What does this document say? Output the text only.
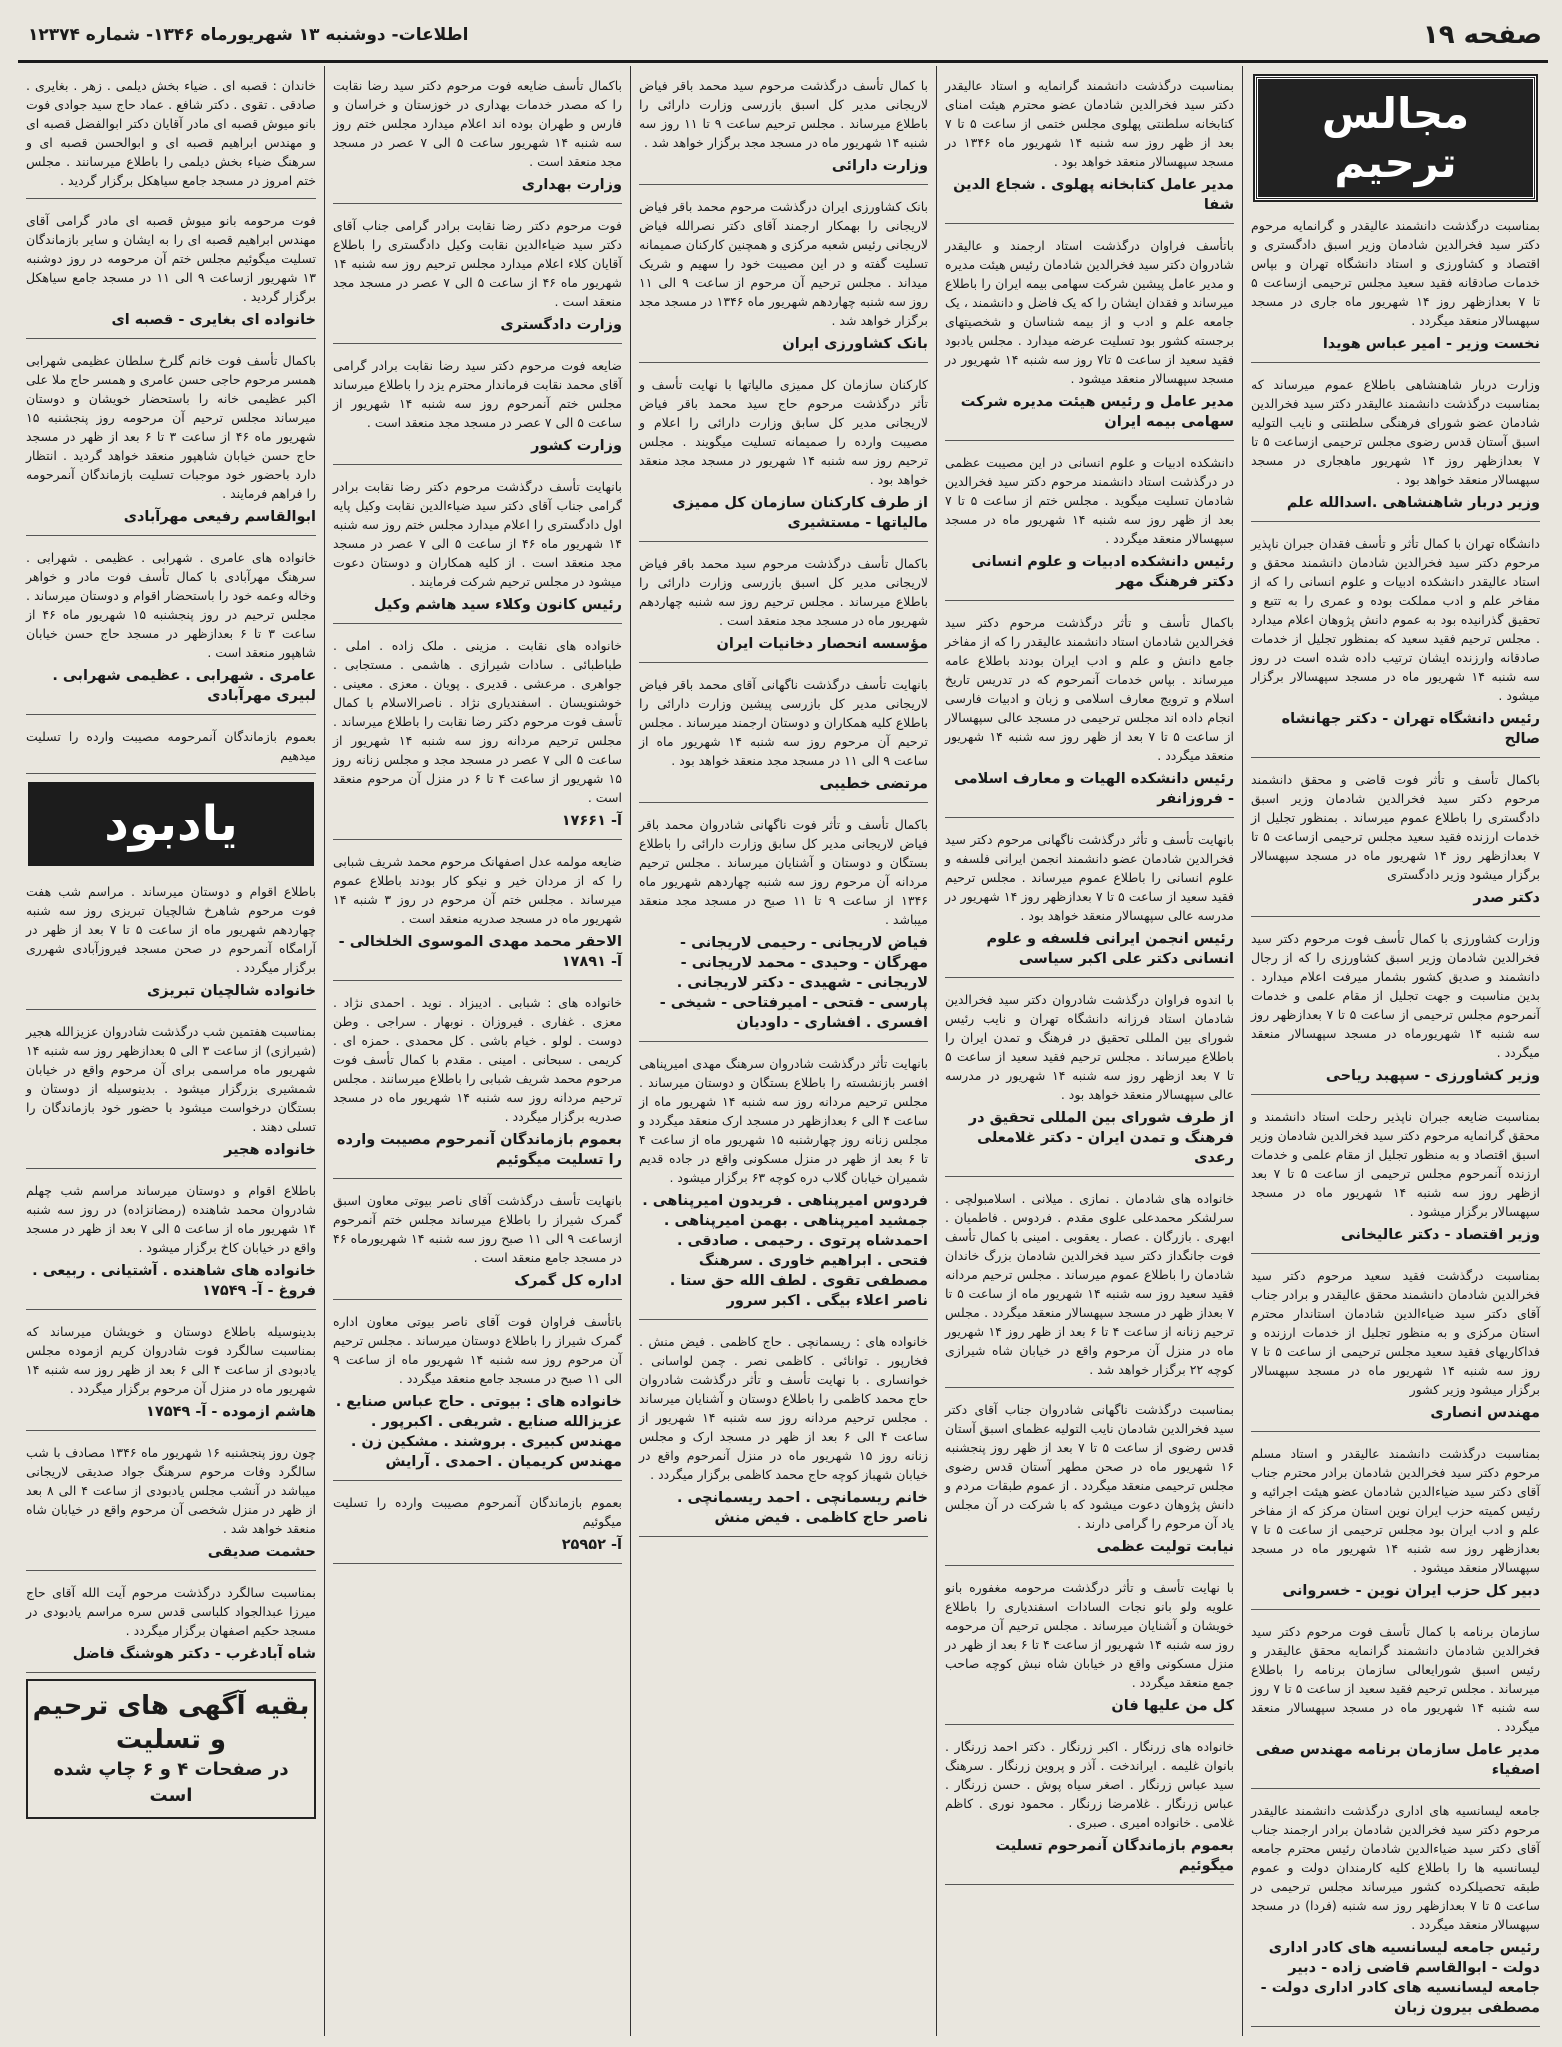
صفحه ۱۹
اطلاعات- دوشنبه ۱۳ شهریورماه ۱۳۴۶- شماره ۱۲۳۷۴
مجالس ترحیم

بمناسبت درگذشت دانشمند عالیقدر و گرانمایه مرحوم دکتر سید فخرالدین شادمان وزیر اسبق دادگستری و اقتصاد و کشاورزی و استاد دانشگاه تهران و بپاس خدمات صادقانه فقید سعید مجلس ترحیمی ازساعت ۵ تا ۷ بعدازظهر روز ۱۴ شهریور ماه جاری در مسجد سپهسالار منعقد میگردد .

نخست وزیر - امیر عباس هویدا

وزارت دربار شاهنشاهی باطلاع عموم میرساند که بمناسبت درگذشت دانشمند عالیقدر دکتر سید فخرالدین شادمان عضو شورای فرهنگی سلطنتی و نایب التولیه اسبق آستان قدس رضوی مجلس ترحیمی ازساعت ۵ تا ۷ بعدازظهر روز ۱۴ شهریور ماهجاری در مسجد سپهسالار منعقد خواهد بود .

وزیر دربار شاهنشاهی .اسدالله علم

دانشگاه تهران با کمال تأثر و تأسف فقدان جبران ناپذیر مرحوم دکتر سید فخرالدین شادمان دانشمند محقق و استاد عالیقدر دانشکده ادبیات و علوم انسانی را که از مفاخر علم و ادب مملکت بوده و عمری را به تتبع و تحقیق گذرانیده بود به عموم دانش پژوهان اعلام میدارد . مجلس ترحیم فقید سعید که بمنظور تجلیل از خدمات صادقانه وارزنده ایشان ترتیب داده شده است در روز سه شنبه ۱۴ شهریور ماه در مسجد سپهسالار برگزار میشود .

رئیس دانشگاه تهران - دکتر جهانشاه صالح

باکمال تأسف و تأثر فوت قاضی و محقق دانشمند مرحوم دکتر سید فخرالدین شادمان وزیر اسبق دادگستری را باطلاع عموم میرساند . بمنظور تجلیل از خدمات ارزنده فقید سعید مجلس ترحیمی ازساعت ۵ تا ۷ بعدازظهر روز ۱۴ شهریور ماه در مسجد سپهسالار برگزار میشود وزیر دادگستری

دکتر صدر

وزارت کشاورزی با کمال تأسف فوت مرحوم دکتر سید فخرالدین شادمان وزیر اسبق کشاورزی را که از رجال دانشمند و صدیق کشور بشمار میرفت اعلام میدارد . بدین مناسبت و جهت تجلیل از مقام علمی و خدمات آنمرحوم مجلس ترحیمی از ساعت ۵ تا ۷ بعدازظهر روز سه شنبه ۱۴ شهریورماه در مسجد سپهسالار منعقد میگردد .

وزیر کشاورزی - سپهبد ریاحی

بمناسبت ضایعه جبران ناپذیر رحلت استاد دانشمند و محقق گرانمایه مرحوم دکتر سید فخرالدین شادمان وزیر اسبق اقتصاد و به منظور تجلیل از مقام علمی و خدمات ارزنده آنمرحوم مجلس ترحیمی از ساعت ۵ تا ۷ بعد ازظهر روز سه شنبه ۱۴ شهریور ماه در مسجد سپهسالار برگزار میشود .

وزیر اقتصاد - دکتر عالیخانی

بمناسبت درگذشت فقید سعید مرحوم دکتر سید فخرالدین شادمان دانشمند محقق عالیقدر و برادر جناب آقای دکتر سید ضیاءالدین شادمان استاندار محترم استان مرکزی و به منظور تجلیل از خدمات ارزنده و فداکاریهای فقید سعید مجلس ترحیمی از ساعت ۵ تا ۷ روز سه شنبه ۱۴ شهریور ماه در مسجد سپهسالار برگزار میشود وزیر کشور

مهندس انصاری

بمناسبت درگذشت دانشمند عالیقدر و استاد مسلم مرحوم دکتر سید فخرالدین شادمان برادر محترم جناب آقای دکتر سید ضیاءالدین شادمان عضو هیئت اجرائیه و رئیس کمیته حزب ایران نوین استان مرکز که از مفاخر علم و ادب ایران بود مجلس ترحیمی از ساعت ۵ تا ۷ بعدازظهر روز سه شنبه ۱۴ شهریور ماه در مسجد سپهسالار منعقد میشود .

دبیر کل حزب ایران نوین - خسروانی

سازمان برنامه با کمال تأسف فوت مرحوم دکتر سید فخرالدین شادمان دانشمند گرانمایه محقق عالیقدر و رئیس اسبق شورایعالی سازمان برنامه را باطلاع میرساند . مجلس ترحیم فقید سعید از ساعت ۵ تا ۷ روز سه شنبه ۱۴ شهریور ماه در مسجد سپهسالار منعقد میگردد .

مدیر عامل سازمان برنامه مهندس صفی اصفیاء

جامعه لیسانسیه های اداری درگذشت دانشمند عالیقدر مرحوم دکتر سید فخرالدین شادمان برادر ارجمند جناب آقای دکتر سید ضیاءالدین شادمان رئیس محترم جامعه لیسانسیه ها را باطلاع کلیه کارمندان دولت و عموم طبقه تحصیلکرده کشور میرساند مجلس ترحیمی در ساعت ۵ تا ۷ بعدازظهر روز سه شنبه (فردا) در مسجد سپهسالار منعقد میگردد .

رئیس جامعه لیسانسیه های کادر اداری دولت - ابوالقاسم قاضی زاده - دبیر جامعه لیسانسیه های کادر اداری دولت - مصطفی بیرون زبان

بمناسبت درگذشت دانشمند گرانمایه و استاد عالیقدر دکتر سید فخرالدین شادمان عضو محترم هیئت امنای کتابخانه سلطنتی پهلوی مجلس ختمی از ساعت ۵ تا ۷ بعد از ظهر روز سه شنبه ۱۴ شهریور ماه ۱۳۴۶ در مسجد سپهسالار منعقد خواهد بود .

مدیر عامل کتابخانه پهلوی . شجاع الدین شفا

باتأسف فراوان درگذشت استاد ارجمند و عالیقدر شادروان دکتر سید فخرالدین شادمان رئیس هیئت مدیره و مدیر عامل پیشین شرکت سهامی بیمه ایران را باطلاع میرساند و فقدان ایشان را که یک فاضل و دانشمند ، یک جامعه علم و ادب و از بیمه شناسان و شخصیتهای برجسته کشور بود تسلیت عرضه میدارد . مجلس یادبود فقید سعید از ساعت ۵ تا۷ روز سه شنبه ۱۴ شهریور در مسجد سپهسالار منعقد میشود .

مدیر عامل و رئیس هیئت مدیره شرکت سهامی بیمه ایران

دانشکده ادبیات و علوم انسانی در این مصیبت عظمی در درگذشت استاد دانشمند مرحوم دکتر سید فخرالدین شادمان تسلیت میگوید . مجلس ختم از ساعت ۵ تا ۷ بعد از ظهر روز سه شنبه ۱۴ شهریور ماه در مسجد سپهسالار منعقد میگردد .

رئیس دانشکده ادبیات و علوم انسانی دکتر فرهنگ مهر

باکمال تأسف و تأثر درگذشت مرحوم دکتر سید فخرالدین شادمان استاد دانشمند عالیقدر را که از مفاخر جامع دانش و علم و ادب ایران بودند باطلاع عامه میرساند . بپاس خدمات آنمرحوم که در تدریس تاریخ اسلام و ترویج معارف اسلامی و زبان و ادبیات فارسی انجام داده اند مجلس ترحیمی در مسجد عالی سپهسالار از ساعت ۵ تا ۷ بعد از ظهر روز سه شنبه ۱۴ شهریور منعقد میگردد .

رئیس دانشکده الهیات و معارف اسلامی - فروزانفر

بانهایت تأسف و تأثر درگذشت ناگهانی مرحوم دکتر سید فخرالدین شادمان عضو دانشمند انجمن ایرانی فلسفه و علوم انسانی را باطلاع عموم میرساند . مجلس ترحیم فقید سعید از ساعت ۵ تا ۷ بعدازظهر روز ۱۴ شهریور در مدرسه عالی سپهسالار منعقد خواهد بود .

رئیس انجمن ایرانی فلسفه و علوم انسانی دکتر علی اکبر سیاسی

با اندوه فراوان درگذشت شادروان دکتر سید فخرالدین شادمان استاد فرزانه دانشگاه تهران و نایب رئیس شورای بین المللی تحقیق در فرهنگ و تمدن ایران را باطلاع میرساند . مجلس ترحیم فقید سعید از ساعت ۵ تا ۷ بعد ازظهر روز سه شنبه ۱۴ شهریور در مدرسه عالی سپهسالار منعقد خواهد بود .

از طرف شورای بین المللی تحقیق در فرهنگ و تمدن ایران - دکتر غلامعلی رعدی

خانواده های شادمان . نمازی . میلانی . اسلامبولچی . سرلشکر محمدعلی علوی مقدم . فردوس . فاطمیان . ابهری . بازرگان . عصار . یعقوبی . امینی با کمال تأسف فوت جانگداز دکتر سید فخرالدین شادمان بزرگ خاندان شادمان را باطلاع عموم میرساند . مجلس ترحیم مردانه فقید سعید روز سه شنبه ۱۴ شهریور ماه از ساعت ۵ تا ۷ بعداز ظهر در مسجد سپهسالار منعقد میگردد . مجلس ترحیم زنانه از ساعت ۴ تا ۶ بعد از ظهر روز ۱۴ شهریور ماه در منزل آن مرحوم واقع در خیابان شاه شیرازی کوچه ۲۲ برگزار خواهد شد .

بمناسبت درگذشت ناگهانی شادروان جناب آقای دکتر سید فخرالدین شادمان نایب التولیه عظمای اسبق آستان قدس رضوی از ساعت ۵ تا ۷ بعد از ظهر روز پنجشنبه ۱۶ شهریور ماه در صحن مطهر آستان قدس رضوی مجلس ترحیمی منعقد میگردد . از عموم طبقات مردم و دانش پژوهان دعوت میشود که با شرکت در آن مجلس یاد آن مرحوم را گرامی دارند .

نیابت تولیت عظمی

با نهایت تأسف و تأثر درگذشت مرحومه مغفوره بانو علویه ولو بانو نجات السادات اسفندیاری را باطلاع خویشان و آشنایان میرساند . مجلس ترحیم آن مرحومه روز سه شنبه ۱۴ شهریور از ساعت ۴ تا ۶ بعد از ظهر در منزل مسکونی واقع در خیابان شاه نبش کوچه صاحب جمع منعقد میگردد .

کل من علیها فان

خانواده های زرنگار . اکبر زرنگار . دکتر احمد زرنگار . بانوان غلیمه . ایراندخت . آذر و پروین زرنگار . سرهنگ سید عباس زرنگار . اصغر سیاه پوش . حسن زرنگار . عباس زرنگار . غلامرضا زرنگار . محمود نوری . کاظم غلامی . خانواده امیری . صبری .

بعموم بازماندگان آنمرحوم تسلیت میگوئیم

با کمال تأسف درگذشت مرحوم سید محمد باقر فیاض لاریجانی مدیر کل اسبق بازرسی وزارت دارائی را باطلاع میرساند . مجلس ترحیم ساعت ۹ تا ۱۱ روز سه شنبه ۱۴ شهریور ماه در مسجد مجد برگزار خواهد شد .

وزارت دارائی

بانک کشاورزی ایران درگذشت مرحوم محمد باقر فیاض لاریجانی را بهمکار ارجمند آقای دکتر نصرالله فیاض لاریجانی رئیس شعبه مرکزی و همچنین کارکنان صمیمانه تسلیت گفته و در این مصیبت خود را سهیم و شریک میداند . مجلس ترحیم آن مرحوم از ساعت ۹ الی ۱۱ روز سه شنبه چهاردهم شهریور ماه ۱۳۴۶ در مسجد مجد برگزار خواهد شد .

بانک کشاورزی ایران

کارکنان سازمان کل ممیزی مالیاتها با نهایت تأسف و تأثر درگذشت مرحوم حاج سید محمد باقر فیاض لاریجانی مدیر کل سابق وزارت دارائی را اعلام و مصیبت وارده را صمیمانه تسلیت میگویند . مجلس ترحیم روز سه شنبه ۱۴ شهریور در مسجد مجد منعقد خواهد بود .

از طرف کارکنان سازمان کل ممیزی مالیاتها - مستشیری

باکمال تأسف درگذشت مرحوم سید محمد باقر فیاض لاریجانی مدیر کل اسبق بازرسی وزارت دارائی را باطلاع میرساند . مجلس ترحیم روز سه شنبه چهاردهم شهریور ماه در مسجد مجد منعقد است .

مؤسسه انحصار دخانیات ایران

بانهایت تأسف درگذشت ناگهانی آقای محمد باقر فیاض لاریجانی مدیر کل بازرسی پیشین وزارت دارائی را باطلاع کلیه همکاران و دوستان ارجمند میرساند . مجلس ترحیم آن مرحوم روز سه شنبه ۱۴ شهریور ماه از ساعت ۹ الی ۱۱ در مسجد مجد منعقد خواهد بود .

مرتضی خطیبی

باکمال تأسف و تأثر فوت ناگهانی شادروان محمد باقر فیاض لاریجانی مدیر کل سابق وزارت دارائی را باطلاع بستگان و دوستان و آشنایان میرساند . مجلس ترحیم مردانه آن مرحوم روز سه شنبه چهاردهم شهریور ماه ۱۳۴۶ از ساعت ۹ تا ۱۱ صبح در مسجد مجد منعقد میباشد .

فیاض لاریجانی - رحیمی لاریجانی - مهرگان - وحیدی - محمد لاریجانی - لاریجانی - شهیدی - دکتر لاریجانی . پارسی - فتحی - امیرفتاحی - شیخی - افسری . افشاری - داودیان

بانهایت تأثر درگذشت شادروان سرهنگ مهدی امیرپناهی افسر بازنشسته را باطلاع بستگان و دوستان میرساند . مجلس ترحیم مردانه روز سه شنبه ۱۴ شهریور ماه از ساعت ۴ الی ۶ بعدازظهر در مسجد ارک منعقد میگردد و مجلس زنانه روز چهارشنبه ۱۵ شهریور ماه از ساعت ۴ تا ۶ بعد از ظهر در منزل مسکونی واقع در جاده قدیم شمیران خیابان گلاب دره کوچه ۶۳ برگزار میشود .

فردوس امیرپناهی . فریدون امیرپناهی . جمشید امیرپناهی . بهمن امیرپناهی . احمدشاه پرتوی . رحیمی . صادقی . فتحی . ابراهیم خاوری . سرهنگ مصطفی تقوی . لطف الله حق ستا . ناصر اعلاء بیگی . اکبر سرور

خانواده های : ریسمانچی . حاج کاظمی . فیض منش . فخارپور . توانائی . کاظمی نصر . چمن لواسانی . خوانساری . با نهایت تأسف و تأثر درگذشت شادروان حاج محمد کاظمی را باطلاع دوستان و آشنایان میرساند . مجلس ترحیم مردانه روز سه شنبه ۱۴ شهریور از ساعت ۴ الی ۶ بعد از ظهر در مسجد ارک و مجلس زنانه روز ۱۵ شهریور ماه در منزل آنمرحوم واقع در خیابان شهباز کوچه حاج محمد کاظمی برگزار میگردد .

خانم ریسمانچی . احمد ریسمانچی . ناصر حاج کاظمی . فیض منش

باکمال تأسف ضایعه فوت مرحوم دکتر سید رضا نقابت را که مصدر خدمات بهداری در خوزستان و خراسان و فارس و طهران بوده اند اعلام میدارد مجلس ختم روز سه شنبه ۱۴ شهریور ساعت ۵ الی ۷ عصر در مسجد مجد منعقد است .

وزارت بهداری

فوت مرحوم دکتر رضا نقابت برادر گرامی جناب آقای دکتر سید ضیاءالدین نقابت وکیل دادگستری را باطلاع آقایان کلاء اعلام میدارد مجلس ترحیم روز سه شنبه ۱۴ شهریور ماه ۴۶ از ساعت ۵ الی ۷ عصر در مسجد مجد منعقد است .

وزارت دادگستری

ضایعه فوت مرحوم دکتر سید رضا نقابت برادر گرامی آقای محمد نقابت فرماندار محترم یزد را باطلاع میرساند مجلس ختم آنمرحوم روز سه شنبه ۱۴ شهریور از ساعت ۵ الی ۷ عصر در مسجد مجد منعقد است .

وزارت کشور

بانهایت تأسف درگذشت مرحوم دکتر رضا نقابت برادر گرامی جناب آقای دکتر سید ضیاءالدین نقابت وکیل پایه اول دادگستری را اعلام میدارد مجلس ختم روز سه شنبه ۱۴ شهریور ماه ۴۶ از ساعت ۵ الی ۷ عصر در مسجد مجد منعقد است . از کلیه همکاران و دوستان دعوت میشود در مجلس ترحیم شرکت فرمایند .

رئیس کانون وکلاء سید هاشم وکیل

خانواده های نقابت . مزینی . ملک زاده . املی . طباطبائی . سادات شیرازی . هاشمی . مستجابی . جواهری . مرعشی . قدیری . پویان . معزی . معینی . خوشنویسان . اسفندیاری نژاد . ناصرالاسلام با کمال تأسف فوت مرحوم دکتر رضا نقابت را باطلاع میرساند . مجلس ترحیم مردانه روز سه شنبه ۱۴ شهریور از ساعت ۵ الی ۷ عصر در مسجد مجد و مجلس زنانه روز ۱۵ شهریور از ساعت ۴ تا ۶ در منزل آن مرحوم منعقد است .

آ- ۱۷۶۶۱

ضایعه مولمه عدل اصفهانک مرحوم محمد شریف شبابی را که از مردان خیر و نیکو کار بودند باطلاع عموم میرساند . مجلس ختم آن مرحوم در روز ۳ شنبه ۱۴ شهریور ماه در مسجد صدریه منعقد است .

الاحقر محمد مهدی الموسوی الخلخالی - آ- ۱۷۸۹۱

خانواده های : شبابی . ادیبزاد . نوید . احمدی نژاد . معزی . غفاری . فیروزان . نوبهار . سراجی . وطن دوست . لولو . خیام باشی . کل محمدی . حمزه ای . کریمی . سبحانی . امینی . مقدم با کمال تأسف فوت مرحوم محمد شریف شبابی را باطلاع میرسانند . مجلس ترحیم مردانه روز سه شنبه ۱۴ شهریور ماه در مسجد صدریه برگزار میگردد .

بعموم بازماندگان آنمرحوم مصیبت وارده را تسلیت میگوئیم

بانهایت تأسف درگذشت آقای ناصر بیوتی معاون اسبق گمرک شیراز را باطلاع میرساند مجلس ختم آنمرحوم ازساعت ۹ الی ۱۱ صبح روز سه شنبه ۱۴ شهریورماه ۴۶ در مسجد جامع منعقد است .

اداره کل گمرک

باتأسف فراوان فوت آقای ناصر بیوتی معاون اداره گمرک شیراز را باطلاع دوستان میرساند . مجلس ترحیم آن مرحوم روز سه شنبه ۱۴ شهریور ماه از ساعت ۹ الی ۱۱ صبح در مسجد جامع منعقد میگردد .

خانواده های : بیوتی . حاج عباس صنایع . عزیزالله صنایع . شریفی . اکبرپور . مهندس کبیری . بروشند . مشکین زن . مهندس کریمیان . احمدی . آرایش

بعموم بازماندگان آنمرحوم مصیبت وارده را تسلیت میگوئیم

آ- ۲۵۹۵۲

خاندان : قصبه ای . ضیاء بخش دیلمی . زهر . بغایری . صادقی . تقوی . دکتر شافع . عماد حاج سید جوادی فوت بانو میوش قصبه ای مادر آقایان دکتر ابوالفضل قصبه ای و مهندس ابراهیم قصبه ای و ابوالحسن قصبه ای و سرهنگ ضیاء بخش دیلمی را باطلاع میرسانند . مجلس ختم امروز در مسجد جامع سیاهکل برگزار گردید .

فوت مرحومه بانو میوش قصبه ای مادر گرامی آقای مهندس ابراهیم قصبه ای را به ایشان و سایر بازماندگان تسلیت میگوئیم مجلس ختم آن مرحومه در روز دوشنبه ۱۳ شهریور ازساعت ۹ الی ۱۱ در مسجد جامع سیاهکل برگزار گردید .

خانواده ای بغایری - قصبه ای

باکمال تأسف فوت خانم گلرخ سلطان عظیمی شهرابی همسر مرحوم حاجی حسن عامری و همسر حاج ملا علی اکبر عظیمی خانه را باستحضار خویشان و دوستان میرساند مجلس ترحیم آن مرحومه روز پنجشنبه ۱۵ شهریور ماه ۴۶ از ساعت ۳ تا ۶ بعد از ظهر در مسجد حاج حسن خیابان شاهپور منعقد خواهد گردید . انتظار دارد باحضور خود موجبات تسلیت بازماندگان آنمرحومه را فراهم فرمایند .

ابوالقاسم رفیعی مهرآبادی

خانواده های عامری . شهرابی . عظیمی . شهرابی . سرهنگ مهرآبادی با کمال تأسف فوت مادر و خواهر وخاله وعمه خود را باستحضار اقوام و دوستان میرساند . مجلس ترحیم در روز پنجشنبه ۱۵ شهریور ماه ۴۶ از ساعت ۳ تا ۶ بعدازظهر در مسجد حاج حسن خیابان شاهپور منعقد است .

عامری . شهرابی . عظیمی شهرابی . لبیری مهرآبادی

بعموم بازماندگان آنمرحومه مصیبت وارده را تسلیت میدهیم

یادبود

باطلاع اقوام و دوستان میرساند . مراسم شب هفت فوت مرحوم شاهرخ شالچیان تبریزی روز سه شنبه چهاردهم شهریور ماه از ساعت ۵ تا ۷ بعد از ظهر در آرامگاه آنمرحوم در صحن مسجد فیروزآبادی شهرری برگزار میگردد .

خانواده شالچیان تبریزی

بمناسبت هفتمین شب درگذشت شادروان عزیزالله هجیر (شیرازی) از ساعت ۳ الی ۵ بعدازظهر روز سه شنبه ۱۴ شهریور ماه مراسمی برای آن مرحوم واقع در خیابان شمشیری بزرگزار میشود . بدینوسیله از دوستان و بستگان درخواست میشود با حضور خود بازماندگان را تسلی دهند .

خانواده هجیر

باطلاع اقوام و دوستان میرساند مراسم شب چهلم شادروان محمد شاهنده (رمضانزاده) در روز سه شنبه ۱۴ شهریور ماه از ساعت ۵ الی ۷ بعد از ظهر در مسجد واقع در خیابان کاخ برگزار میشود .

خانواده های شاهنده . آشتیانی . ربیعی . فروغ - آ- ۱۷۵۴۹

بدینوسیله باطلاع دوستان و خویشان میرساند که بمناسبت سالگرد فوت شادروان کریم ازموده مجلس یادبودی از ساعت ۴ الی ۶ بعد از ظهر روز سه شنبه ۱۴ شهریور ماه در منزل آن مرحوم برگزار میگردد .

هاشم ازموده - آ- ۱۷۵۴۹

چون روز پنجشنبه ۱۶ شهریور ماه ۱۳۴۶ مصادف با شب سالگرد وفات مرحوم سرهنگ جواد صدیقی لاریجانی میباشد در آنشب مجلس یادبودی از ساعت ۴ الی ۸ بعد از ظهر در منزل شخصی آن مرحوم واقع در خیابان شاه منعقد خواهد شد .

حشمت صدیقی

بمناسبت سالگرد درگذشت مرحوم آیت الله آقای حاج میرزا عبدالجواد کلباسی قدس سره مراسم یادبودی در مسجد حکیم اصفهان برگزار میگردد .

شاه آبادغرب - دکتر هوشنگ فاضل
بقیه آگهی های ترحیم و تسلیت
در صفحات ۴ و ۶ چاپ شده است
